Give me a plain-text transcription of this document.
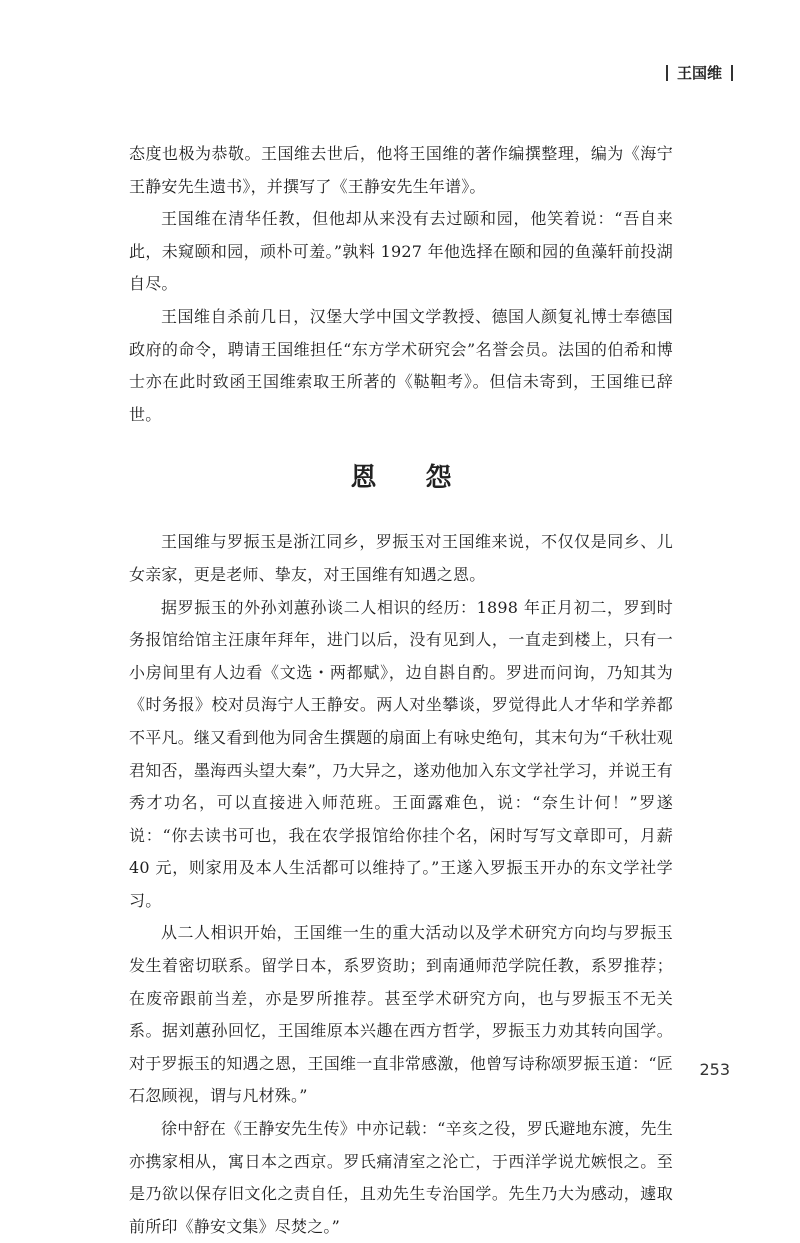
王国维

态度也极为恭敬。王国维去世后，他将王国维的著作编撰整理，编为《海宁王静安先生遗书》，并撰写了《王静安先生年谱》。

王国维在清华任教，但他却从来没有去过颐和园，他笑着说：“吾自来此，未窥颐和园，顽朴可羞。”孰料 1927 年他选择在颐和园的鱼藻轩前投湖自尽。

王国维自杀前几日，汉堡大学中国文学教授、德国人颜复礼博士奉德国政府的命令，聘请王国维担任“东方学术研究会”名誉会员。法国的伯希和博士亦在此时致函王国维索取王所著的《鞑靼考》。但信未寄到，王国维已辞世。

恩 怨

王国维与罗振玉是浙江同乡，罗振玉对王国维来说，不仅仅是同乡、儿女亲家，更是老师、挚友，对王国维有知遇之恩。

据罗振玉的外孙刘蕙孙谈二人相识的经历：1898 年正月初二，罗到时务报馆给馆主汪康年拜年，进门以后，没有见到人，一直走到楼上，只有一小房间里有人边看《文选・两都赋》，边自斟自酌。罗进而问询，乃知其为《时务报》校对员海宁人王静安。两人对坐攀谈，罗觉得此人才华和学养都不平凡。继又看到他为同舍生撰题的扇面上有咏史绝句，其末句为“千秋壮观君知否，墨海西头望大秦”，乃大异之，遂劝他加入东文学社学习，并说王有秀才功名，可以直接进入师范班。王面露难色，说：“奈生计何！”罗遂说：“你去读书可也，我在农学报馆给你挂个名，闲时写写文章即可，月薪 40 元，则家用及本人生活都可以维持了。”王遂入罗振玉开办的东文学社学习。

从二人相识开始，王国维一生的重大活动以及学术研究方向均与罗振玉发生着密切联系。留学日本，系罗资助；到南通师范学院任教，系罗推荐；在废帝跟前当差，亦是罗所推荐。甚至学术研究方向，也与罗振玉不无关系。据刘蕙孙回忆，王国维原本兴趣在西方哲学，罗振玉力劝其转向国学。对于罗振玉的知遇之恩，王国维一直非常感激，他曾写诗称颂罗振玉道：“匠石忽顾视，谓与凡材殊。”

徐中舒在《王静安先生传》中亦记载：“辛亥之役，罗氏避地东渡，先生亦携家相从，寓日本之西京。罗氏痛清室之沦亡，于西洋学说尤嫉恨之。至是乃欲以保存旧文化之责自任，且劝先生专治国学。先生乃大为感动，遽取前所印《静安文集》尽焚之。”

253
